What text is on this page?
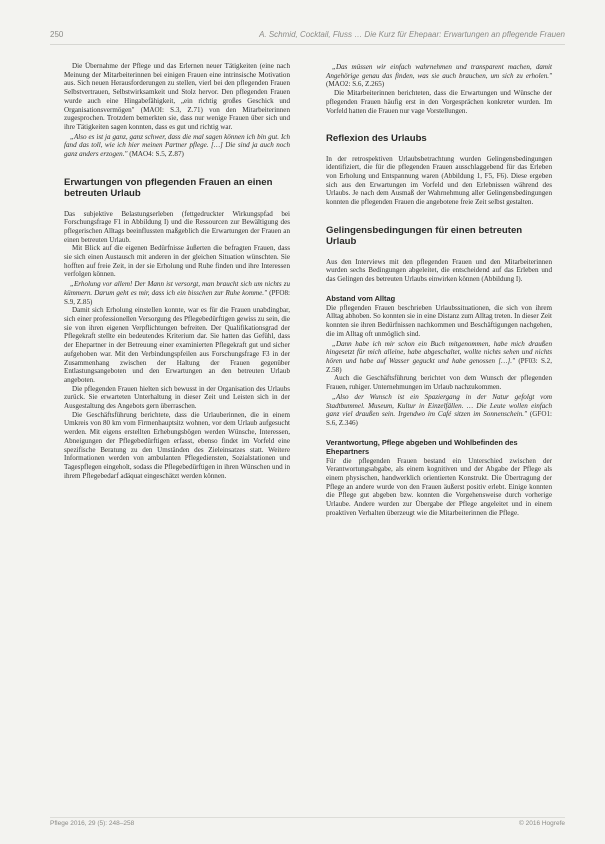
250	A. Schmid, Cocktail, Fluss … Die Kurz für Ehepaar: Erwartungen an pflegende Frauen

Die Übernahme der Pflege und das Erlernen neuer Tätigkeiten (eine nach Meinung der Mitarbeiterinnen bei einigen Frauen eine intrinsische Motivation aus. Sich neuen Herausforderungen zu stellen, vierl bei den pflegenden Frauen Selbstvertrauen, Selbstwirksamkeit und Stolz hervor. Den pflegenden Frauen wurde auch eine Hingabefähigkeit, „ein richtig großes Geschick und Organisationsvermögen" (MAOI: S.3, Z.71) von den Mitarbeiterinnen zugesprochen. Trotzdem bemerkten sie, dass nur wenige Frauen über sich und ihre Tätigkeiten sagen konnten, dass es gut und richtig war.

„Also es ist ja ganz, ganz schwer, dass die mal sagen können ich bin gut. Ich fand das toll, wie ich hier meinen Partner pflege. […] Die sind ja auch noch ganz anders erzogen." (MAO4: S.5, Z.87)

Erwartungen von pflegenden Frauen an einen betreuten Urlaub

Das subjektive Belastungserleben (fettgedruckter Wirkungspfad bei Forschungsfrage F1 in Abbildung I) und die Ressourcen zur Bewältigung des pflegerischen Alltags beeinflussten maßgeblich die Erwartungen der Frauen an einen betreuten Urlaub.

Mit Blick auf die eigenen Bedürfnisse äußerten die befragten Frauen, dass sie sich einen Austausch mit anderen in der gleichen Situation wünschten. Sie hofften auf freie Zeit, in der sie Erholung und Ruhe finden und ihre Interessen verfolgen können.

„Erholung vor allem! Der Mann ist versorgt, man braucht sich um nichts zu kümmern. Darum geht es mir, dass ich ein bisschen zur Ruhe komme." (PFO8: S.9, Z.85)

Damit sich Erholung einstellen konnte, war es für die Frauen unabdingbar, sich einer professionellen Versorgung des Pflegebedürftigen gewiss zu sein, die sie von ihren eigenen Verpflichtungen befreiten. Der Qualifikationsgrad der Pflegekraft stellte ein bedeutendes Kriterium dar. Sie hatten das Gefühl, dass der Ehepartner in der Betreuung einer examinierten Pflegekraft gut und sicher aufgehoben war. Mit den Verbindungspfeilen aus Forschungsfrage F3 in der Zusammenhang zwischen der Haltung der Frauen gegenüber Entlastungsangeboten und den Erwartungen an den betreuten Urlaub angeboten.

Die pflegenden Frauen hielten sich bewusst in der Organisation des Urlaubs zurück. Sie erwarteten Unterhaltung in dieser Zeit und Leisten sich in der Ausgestaltung des Angebots gern überraschen.

Die Geschäftsführung berichtete, dass die Urlauberinnen, die in einem Umkreis von 80 km vom Firmenhauptsitz wohnen, vor dem Urlaub aufgesucht werden. Mit eigens erstellten Erhebungsbögen werden Wünsche, Interessen, Abneigungen der Pflegebedürftigen erfasst, ebenso findet im Vorfeld eine spezifische Beratung zu den Umständen des Zieleinsatzes statt. Weitere Informationen werden von ambulanten Pflegediensten, Sozialstationen und Tagespflegen eingeholt, sodass die Pflegebedürftigen in ihren Wünschen und in ihrem Pflegebedarf adäquat eingeschätzt werden können.

„Das müssen wir einfach wahrnehmen und transparent machen, damit Angehörige genau das finden, was sie auch brauchen, um sich zu erholen." (MAO2: S.6, Z.265)

Die Mitarbeiterinnen berichteten, dass die Erwartungen und Wünsche der pflegenden Frauen häufig erst in den Vorgesprächen konkreter wurden. Im Vorfeld hatten die Frauen nur vage Vorstellungen.

Reflexion des Urlaubs

In der retrospektiven Urlaubsbetrachtung wurden Gelingensbedingungen identifiziert, die für die pflegenden Frauen ausschlaggebend für das Erleben von Erholung und Entspannung waren (Abbildung 1, F5, F6). Diese ergeben sich aus den Erwartungen im Vorfeld und den Erlebnissen während des Urlaubs. Je nach dem Ausmaß der Wahrnehmung aller Gelingensbedingungen konnten die pflegenden Frauen die angebotene freie Zeit selbst gestalten.

Gelingensbedingungen für einen betreuten Urlaub

Aus den Interviews mit den pflegenden Frauen und den Mitarbeiterinnen wurden sechs Bedingungen abgeleitet, die entscheidend auf das Erleben und das Gelingen des betreuten Urlaubs einwirken können (Abbildung I).

Abstand vom Alltag

Die pflegenden Frauen beschrieben Urlaubssituationen, die sich von ihrem Alltag abhoben. So konnten sie in eine Distanz zum Alltag treten. In dieser Zeit konnten sie ihren Bedürfnissen nachkommen und Beschäftigungen nachgehen, die im Alltag oft unmöglich sind.

„Dann habe ich mir schon ein Buch mitgenommen, habe mich draußen hingesetzt für mich alleine, habe abgeschaltet, wollte nichts sehen und nichts hören und habe auf Wasser geguckt und habe genossen […]." (PF03: S.2, Z.58)

Auch die Geschäftsführung berichtet von dem Wunsch der pflegenden Frauen, ruhiger. Unternehmungen im Urlaub nachzukommen.

„Also der Wunsch ist ein Spaziergang in der Natur gefolgt vom Stadtbummel. Museum, Kultur in Einzelfällen. … Die Leute wollen einfach ganz viel draußen sein. Irgendwo im Café sitzen im Sonnenschein." (GFO1: S.6, Z.346)

Verantwortung, Pflege abgeben und Wohlbefinden des Ehepartners

Für die pflegenden Frauen bestand ein Unterschied zwischen der Verantwortungsabgabe, als einem kognitiven und der Abgabe der Pflege als einem physischen, handwerklich orientierten Konstrukt. Die Übertragung der Pflege an andere wurde von den Frauen äußerst positiv erlebt. Einige konnten die Pflege gut abgeben bzw. konnten die Vorgehensweise durch vorherige Urlaube. Andere wurden zur Übergabe der Pflege angeleitet und in einem proaktiven Verhalten überzeugt wie die Mitarbeiterinnen die Pflege.

Pflege 2016, 29 (5): 248–258	© 2016 Hogrefe
